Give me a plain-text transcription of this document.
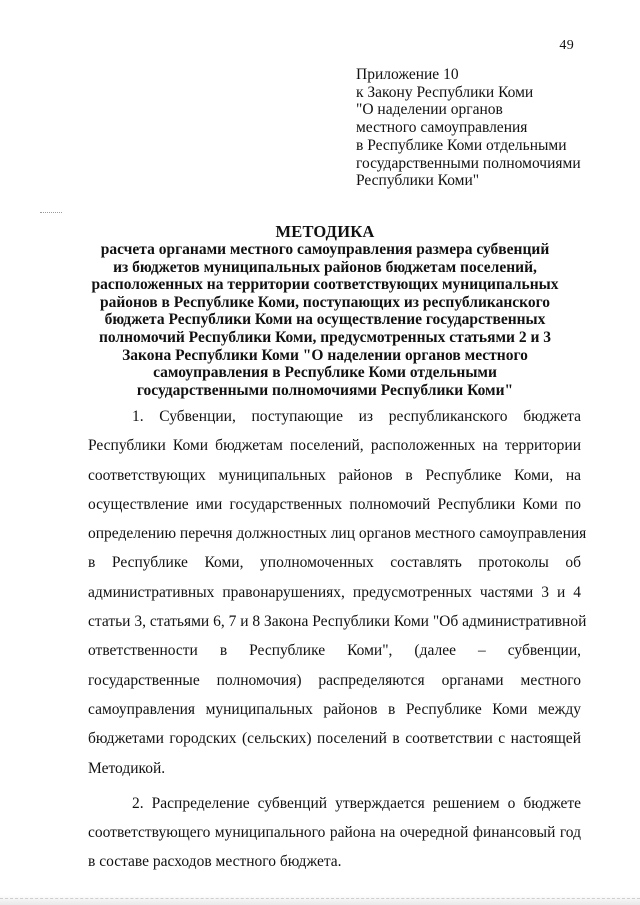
49
Приложение 10
к Закону Республики Коми
"О наделении органов
местного самоуправления
в Республике Коми отдельными
государственными полномочиями
Республики Коми"
МЕТОДИКА
расчета органами местного самоуправления размера субвенций
из бюджетов муниципальных районов бюджетам поселений,
расположенных на территории соответствующих муниципальных
районов в Республике Коми, поступающих из республиканского
бюджета Республики Коми на осуществление государственных
полномочий Республики Коми, предусмотренных статьями 2 и 3
Закона Республики Коми "О наделении органов местного
самоуправления в Республике Коми отдельными
государственными полномочиями Республики Коми"
1. Субвенции, поступающие из республиканского бюджета
Республики Коми бюджетам поселений, расположенных на территории
соответствующих муниципальных районов в Республике Коми, на
осуществление ими государственных полномочий Республики Коми по
определению перечня должностных лиц органов местного самоуправления
в Республике Коми, уполномоченных составлять протоколы об
административных правонарушениях, предусмотренных частями 3 и 4
статьи 3, статьями 6, 7 и 8 Закона Республики Коми "Об административной
ответственности в Республике Коми", (далее – субвенции,
государственные полномочия) распределяются органами местного
самоуправления муниципальных районов в Республике Коми между
бюджетами городских (сельских) поселений в соответствии с настоящей
Методикой.
2. Распределение субвенций утверждается решением о бюджете
соответствующего муниципального района на очередной финансовый год
в составе расходов местного бюджета.
